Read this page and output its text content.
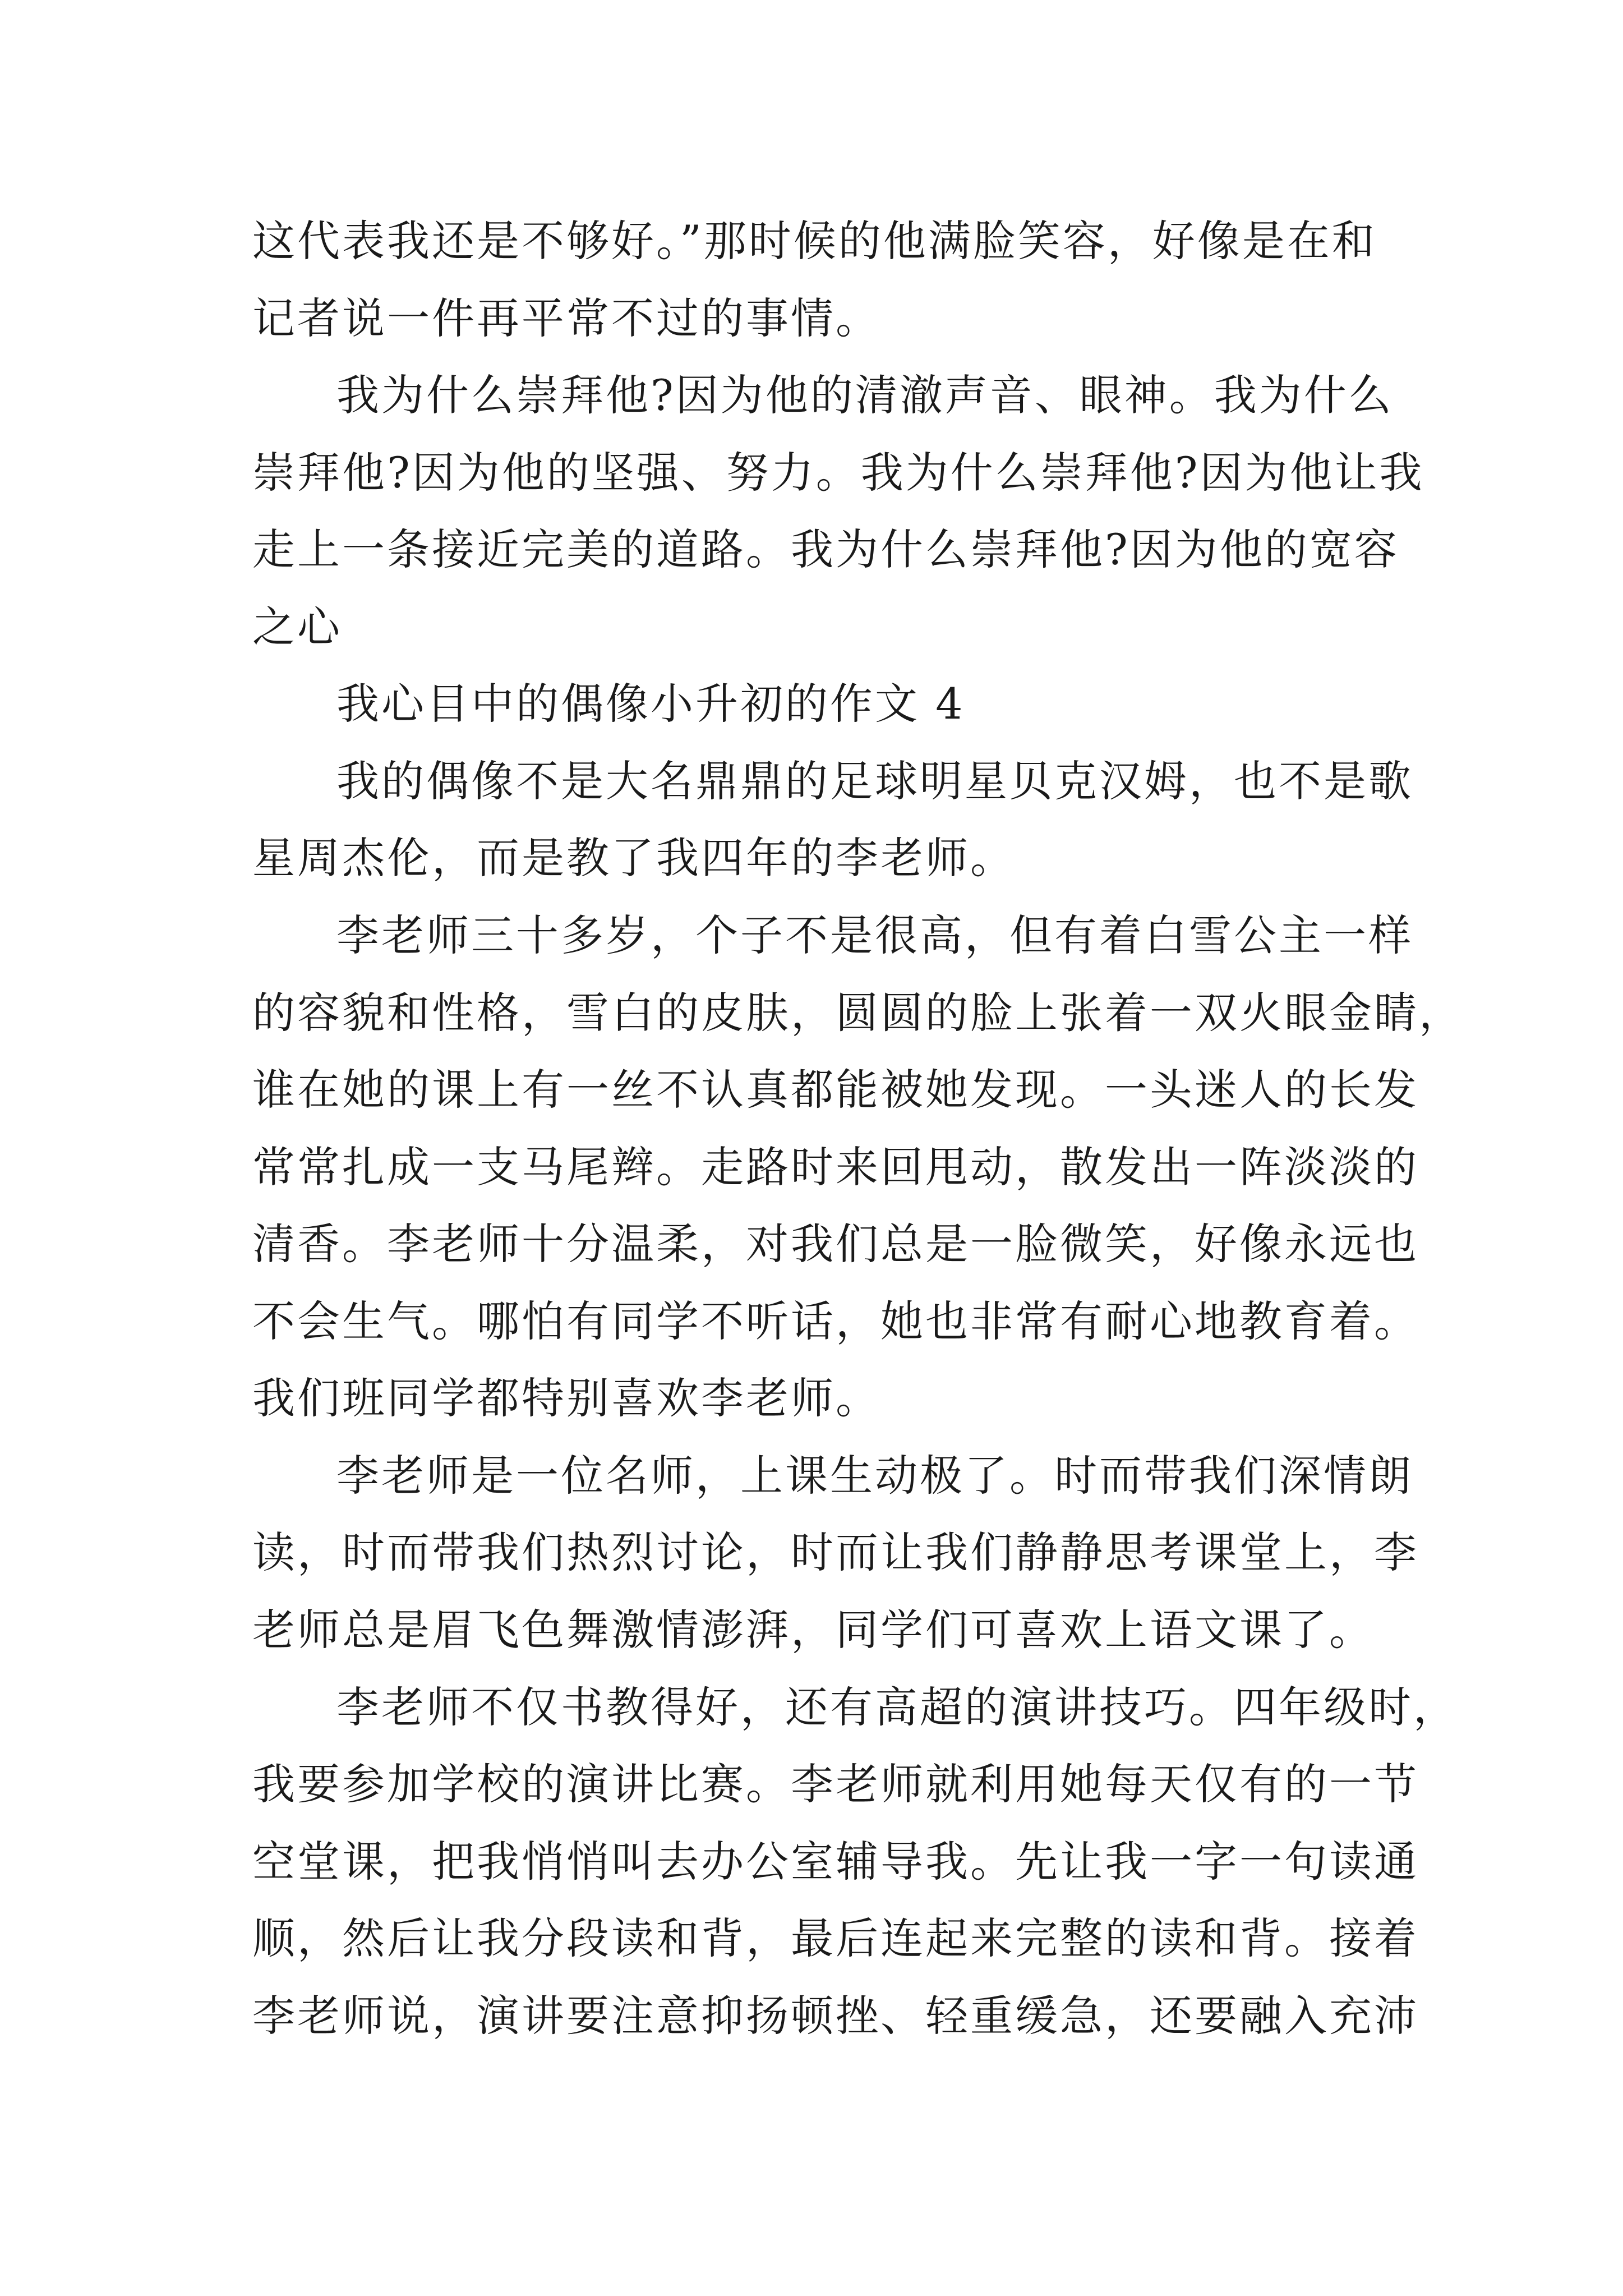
这代表我还是不够好。”那时候的他满脸笑容，好像是在和
记者说一件再平常不过的事情。
我为什么崇拜他?因为他的清澈声音、眼神。我为什么
崇拜他?因为他的坚强、努力。我为什么崇拜他?因为他让我
走上一条接近完美的道路。我为什么崇拜他?因为他的宽容
之心
我心目中的偶像小升初的作文 4
我的偶像不是大名鼎鼎的足球明星贝克汉姆，也不是歌
星周杰伦，而是教了我四年的李老师。
李老师三十多岁，个子不是很高，但有着白雪公主一样
的容貌和性格，雪白的皮肤，圆圆的脸上张着一双火眼金睛，
谁在她的课上有一丝不认真都能被她发现。一头迷人的长发
常常扎成一支马尾辫。走路时来回甩动，散发出一阵淡淡的
清香。李老师十分温柔，对我们总是一脸微笑，好像永远也
不会生气。哪怕有同学不听话，她也非常有耐心地教育着。
我们班同学都特别喜欢李老师。
李老师是一位名师，上课生动极了。时而带我们深情朗
读，时而带我们热烈讨论，时而让我们静静思考课堂上，李
老师总是眉飞色舞激情澎湃，同学们可喜欢上语文课了。
李老师不仅书教得好，还有高超的演讲技巧。四年级时，
我要参加学校的演讲比赛。李老师就利用她每天仅有的一节
空堂课，把我悄悄叫去办公室辅导我。先让我一字一句读通
顺，然后让我分段读和背，最后连起来完整的读和背。接着
李老师说，演讲要注意抑扬顿挫、轻重缓急，还要融入充沛
